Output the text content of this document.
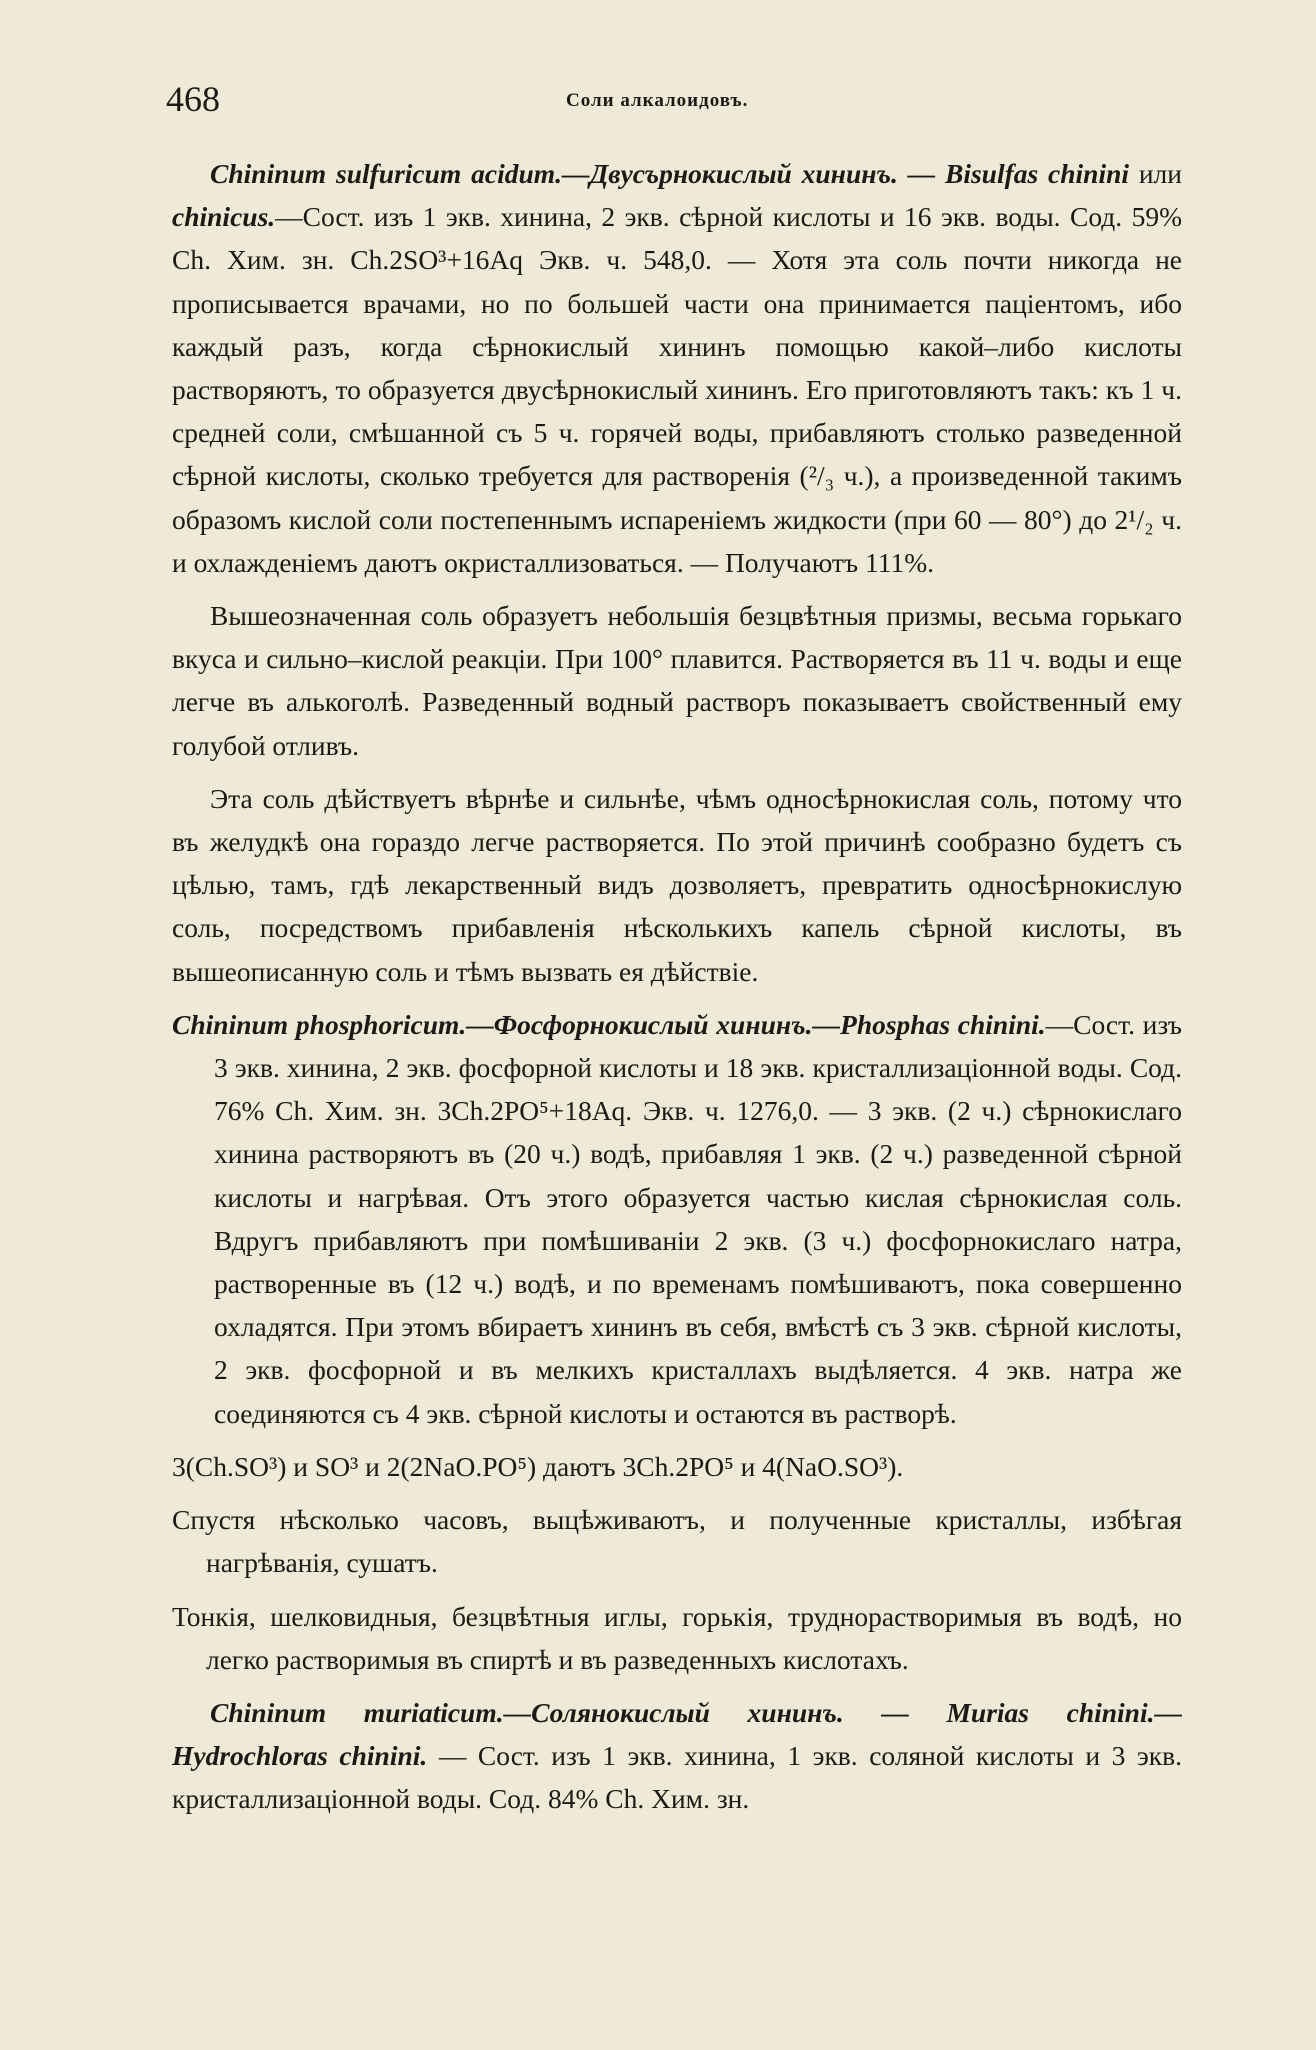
468	Соли алкалоидовъ.

Chininum sulfuricum acidum.—Двусърнокислый хининъ. — Bisulfas chinini или chinicus.—Сост. изъ 1 экв. хинина, 2 экв. сѣрной кислоты и 16 экв. воды. Сод. 59% Ch. Хим. зн. Ch.2SO³+16Aq Экв. ч. 548,0. — Хотя эта соль почти никогда не прописывается врачами, но по большей части она принимается паціентомъ, ибо каждый разъ, когда сѣрнокислый хининъ помощью какой–либо кислоты растворяютъ, то образуется двусѣрнокислый хининъ. Его приготовляютъ такъ: къ 1 ч. средней соли, смѣшанной съ 5 ч. горячей воды, прибавляютъ столько разведенной сѣрной кислоты, сколько требуется для растворенія (²/₃ ч.), а произведенной такимъ образомъ кислой соли постепеннымъ испареніемъ жидкости (при 60 — 80°) до 2¹/₂ ч. и охлажденіемъ даютъ окристаллизоваться. — Получаютъ 111%.

Вышеозначенная соль образуетъ небольшія безцвѣтныя призмы, весьма горькаго вкуса и сильно–кислой реакціи. При 100° плавится. Растворяется въ 11 ч. воды и еще легче въ алькоголѣ. Разведенный водный растворъ показываетъ свойственный ему голубой отливъ.

Эта соль дѣйствуетъ вѣрнѣе и сильнѣе, чѣмъ односѣрнокислая соль, потому что въ желудкѣ она гораздо легче растворяется. По этой причинѣ сообразно будетъ съ цѣлью, тамъ, гдѣ лекарственный видъ дозволяетъ, превратить односѣрнокислую соль, посредствомъ прибавленія нѣсколькихъ капель сѣрной кислоты, въ вышеописанную соль и тѣмъ вызвать ея дѣйствіе.

Chininum phosphoricum.—Фосфорнокислый хининъ.—Phosphas chinini.—Сост. изъ 3 экв. хинина, 2 экв. фосфорной кислоты и 18 экв. кристаллизаціонной воды. Сод. 76% Ch. Хим. зн. 3Ch.2PO⁵+18Aq. Экв. ч. 1276,0. — 3 экв. (2 ч.) сѣрнокислаго хинина растворяютъ въ (20 ч.) водѣ, прибавляя 1 экв. (2 ч.) разведенной сѣрной кислоты и нагрѣвая. Отъ этого образуется частью кислая сѣрнокислая соль. Вдругъ прибавляютъ при помѣшиваніи 2 экв. (3 ч.) фосфорнокислаго натра, растворенные въ (12 ч.) водѣ, и по временамъ помѣшиваютъ, пока совершенно охладятся. При этомъ вбираетъ хининъ въ себя, вмѣстѣ съ 3 экв. сѣрной кислоты, 2 экв. фосфорной и въ мелкихъ кристаллахъ выдѣляется. 4 экв. натра же соединяются съ 4 экв. сѣрной кислоты и остаются въ растворѣ.

3(Ch.SO³) и SO³ и 2(2NaO.PO⁵) даютъ 3Ch.2PO⁵ и 4(NaO.SO³).

Спустя нѣсколько часовъ, выцѣживаютъ, и полученные кристаллы, избѣгая нагрѣванія, сушатъ.

Тонкія, шелковидныя, безцвѣтныя иглы, горькія, труднорастворимыя въ водѣ, но легко растворимыя въ спиртѣ и въ разведенныхъ кислотахъ.

Chininum muriaticum.—Солянокислый хининъ. — Murias chinini.—Hydrochloras chinini. — Сост. изъ 1 экв. хинина, 1 экв. соляной кислоты и 3 экв. кристаллизаціонной воды. Сод. 84% Ch. Хим. зн.
